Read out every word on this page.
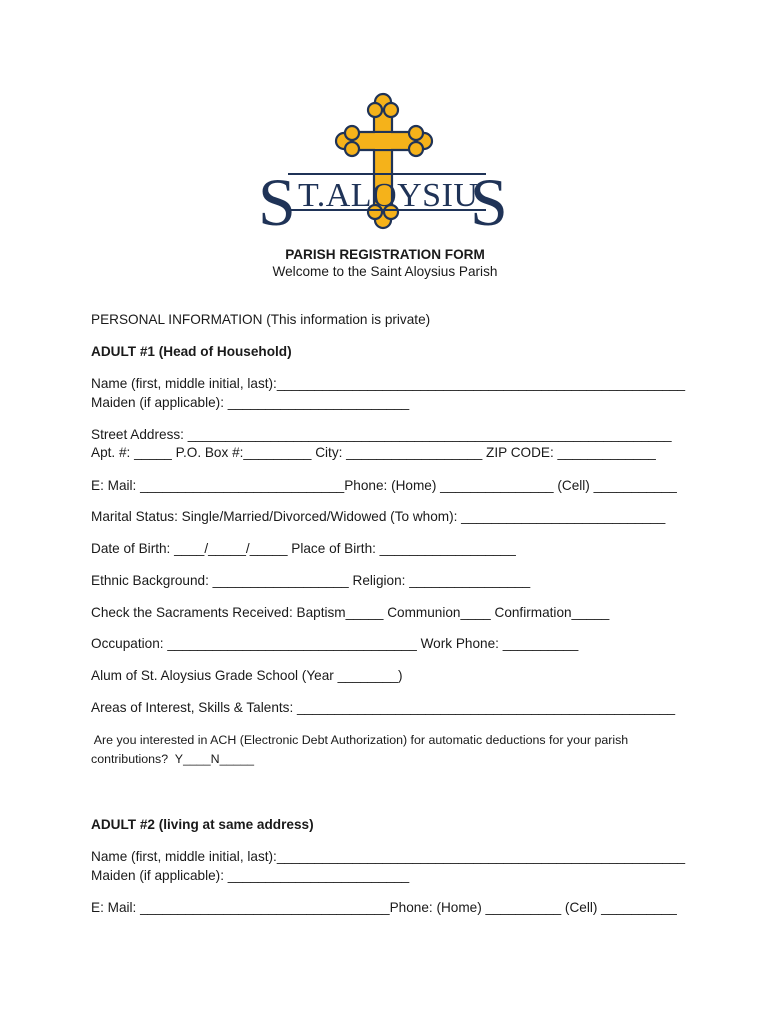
S T.ALOYSIU
S
PARISH REGISTRATION FORM
Welcome to the Saint Aloysius Parish
PERSONAL INFORMATION (This information is private)
ADULT #1 (Head of Household)
Name (first, middle initial, last):______________________________________________________
Maiden (if applicable): ________________________
Street Address: ________________________________________________________________
Apt. #: _____ P.O. Box #:_________ City: __________________ ZIP CODE: _____________
E: Mail: ___________________________Phone: (Home) _______________ (Cell) ___________
Marital Status: Single/Married/Divorced/Widowed (To whom): ___________________________
Date of Birth: ____/_____/_____ Place of Birth: __________________
Ethnic Background: __________________ Religion: ________________
Check the Sacraments Received: Baptism_____ Communion____ Confirmation_____
Occupation: _________________________________ Work Phone: __________
Alum of St. Aloysius Grade School (Year ________)
Areas of Interest, Skills & Talents: __________________________________________________
Are you interested in ACH (Electronic Debt Authorization) for automatic deductions for your parish
contributions?  Y____N_____
ADULT #2 (living at same address)
Name (first, middle initial, last):______________________________________________________
Maiden (if applicable): ________________________
E: Mail: _________________________________Phone: (Home) __________ (Cell) __________
